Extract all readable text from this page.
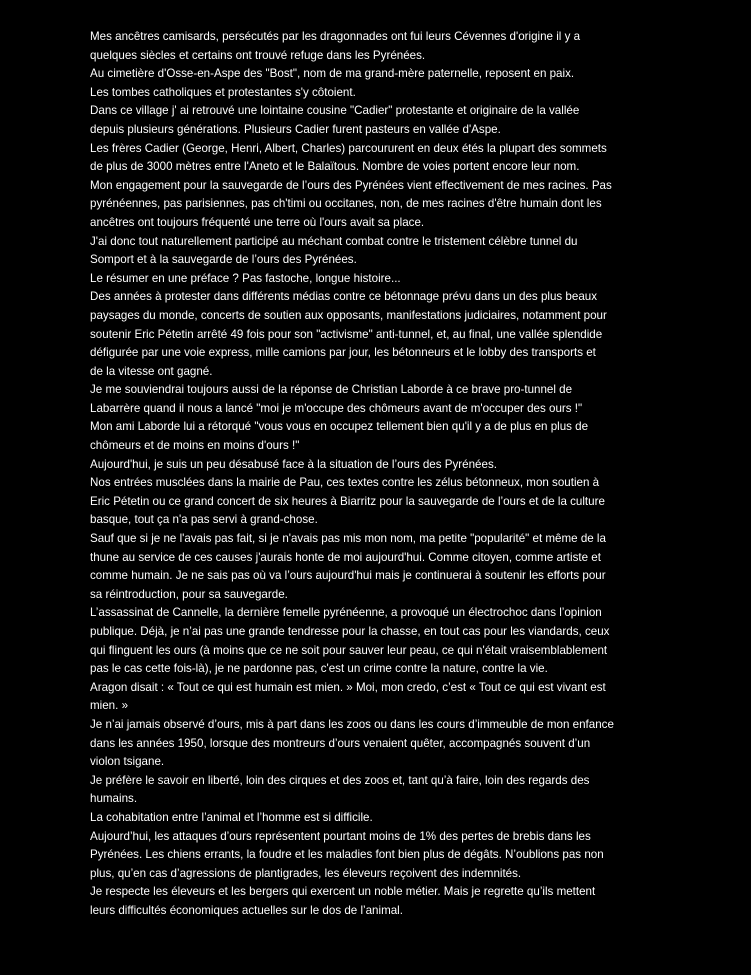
Mes ancêtres camisards, persécutés par les dragonnades ont fui leurs Cévennes d'origine il y a
quelques siècles et certains ont trouvé refuge dans les Pyrénées.
Au cimetière d'Osse-en-Aspe des "Bost", nom de ma grand-mère paternelle, reposent en paix.
Les tombes catholiques et protestantes s'y côtoient.
Dans ce village j' ai retrouvé une lointaine cousine "Cadier" protestante et originaire de la vallée
depuis plusieurs générations. Plusieurs Cadier furent pasteurs en vallée d'Aspe.
Les frères Cadier (George, Henri, Albert, Charles) parcoururent en deux étés la plupart des sommets
de plus de 3000 mètres entre l'Aneto et le Balaïtous. Nombre de voies portent encore leur nom.
Mon engagement pour la sauvegarde de l’ours des Pyrénées vient effectivement de mes racines. Pas
pyrénéennes, pas parisiennes, pas ch'timi ou occitanes, non, de mes racines d'être humain dont les
ancêtres ont toujours fréquenté une terre où l'ours avait sa place.
J'ai donc tout naturellement participé au méchant combat contre le tristement célèbre tunnel du
Somport et à la sauvegarde de l’ours des Pyrénées.
Le résumer en une préface ? Pas fastoche, longue histoire...
Des années à protester dans différents médias contre ce bétonnage prévu dans un des plus beaux
paysages du monde, concerts de soutien aux opposants, manifestations judiciaires, notamment pour
soutenir Eric Pétetin arrêté 49 fois pour son "activisme" anti-tunnel, et, au final, une vallée splendide
défigurée par une voie express, mille camions par jour, les bétonneurs et le lobby des transports et
de la vitesse ont gagné.
Je me souviendrai toujours aussi de la réponse de Christian Laborde à ce brave pro-tunnel de
Labarrère quand il nous a lancé "moi je m'occupe des chômeurs avant de m'occuper des ours !"
Mon ami Laborde lui a rétorqué "vous vous en occupez tellement bien qu'il y a de plus en plus de
chômeurs et de moins en moins d'ours !"
Aujourd'hui, je suis un peu désabusé face à la situation de l’ours des Pyrénées.
Nos entrées musclées dans la mairie de Pau, ces textes contre les zélus bétonneux, mon soutien à
Eric Pétetin ou ce grand concert de six heures à Biarritz pour la sauvegarde de l’ours et de la culture
basque, tout ça n'a pas servi à grand-chose.
Sauf que si je ne l'avais pas fait, si je n'avais pas mis mon nom, ma petite "popularité" et même de la
thune au service de ces causes j'aurais honte de moi aujourd'hui. Comme citoyen, comme artiste et
comme humain. Je ne sais pas où va l’ours aujourd'hui mais je continuerai à soutenir les efforts pour
sa réintroduction, pour sa sauvegarde.
L’assassinat de Cannelle, la dernière femelle pyrénéenne, a provoqué un électrochoc dans l’opinion
publique. Déjà, je n’ai pas une grande tendresse pour la chasse, en tout cas pour les viandards, ceux
qui flinguent les ours (à moins que ce ne soit pour sauver leur peau, ce qui n'était vraisemblablement
pas le cas cette fois-là), je ne pardonne pas, c'est un crime contre la nature, contre la vie.
Aragon disait : « Tout ce qui est humain est mien. » Moi, mon credo, c’est « Tout ce qui est vivant est
mien. »
Je n’ai jamais observé d’ours, mis à part dans les zoos ou dans les cours d’immeuble de mon enfance
dans les années 1950, lorsque des montreurs d’ours venaient quêter, accompagnés souvent d’un
violon tsigane.
Je préfère le savoir en liberté, loin des cirques et des zoos et, tant qu’à faire, loin des regards des
humains.
La cohabitation entre l’animal et l’homme est si difficile.
Aujourd’hui, les attaques d’ours représentent pourtant moins de 1% des pertes de brebis dans les
Pyrénées. Les chiens errants, la foudre et les maladies font bien plus de dégâts. N’oublions pas non
plus, qu’en cas d’agressions de plantigrades, les éleveurs reçoivent des indemnités.
Je respecte les éleveurs et les bergers qui exercent un noble métier. Mais je regrette qu’ils mettent
leurs difficultés économiques actuelles sur le dos de l’animal.
